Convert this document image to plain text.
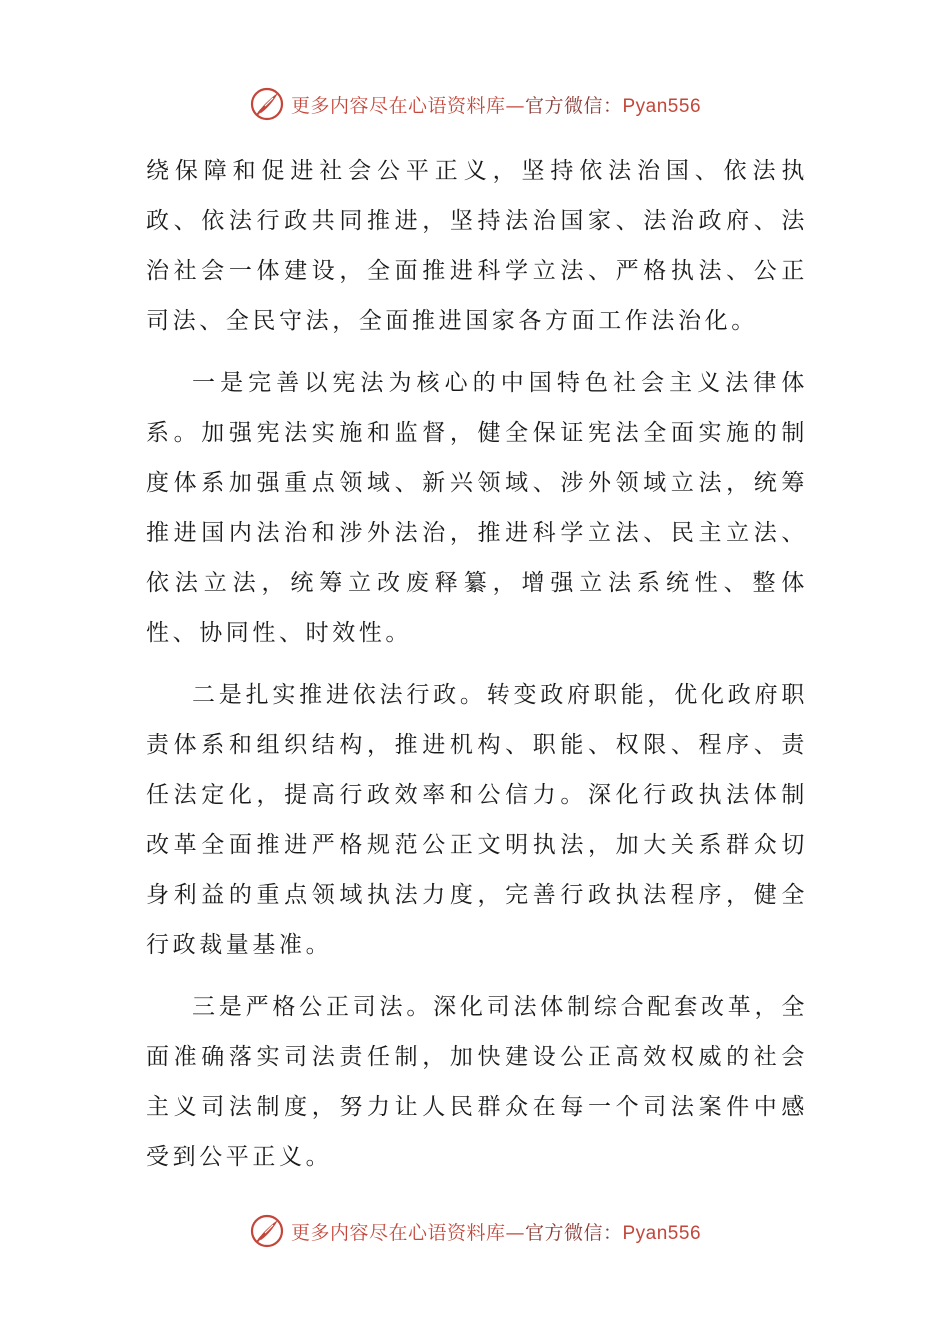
更多内容尽在心语资料库—官方微信：Pyan556

绕保障和促进社会公平正义，坚持依法治国、依法执政、依法行政共同推进，坚持法治国家、法治政府、法治社会一体建设，全面推进科学立法、严格执法、公正司法、全民守法，全面推进国家各方面工作法治化。

一是完善以宪法为核心的中国特色社会主义法律体系。加强宪法实施和监督，健全保证宪法全面实施的制度体系加强重点领域、新兴领域、涉外领域立法，统筹推进国内法治和涉外法治，推进科学立法、民主立法、依法立法，统筹立改废释纂，增强立法系统性、整体性、协同性、时效性。

二是扎实推进依法行政。转变政府职能，优化政府职责体系和组织结构，推进机构、职能、权限、程序、责任法定化，提高行政效率和公信力。深化行政执法体制改革全面推进严格规范公正文明执法，加大关系群众切身利益的重点领域执法力度，完善行政执法程序，健全行政裁量基准。

三是严格公正司法。深化司法体制综合配套改革，全面准确落实司法责任制，加快建设公正高效权威的社会主义司法制度，努力让人民群众在每一个司法案件中感受到公平正义。

更多内容尽在心语资料库—官方微信：Pyan556
